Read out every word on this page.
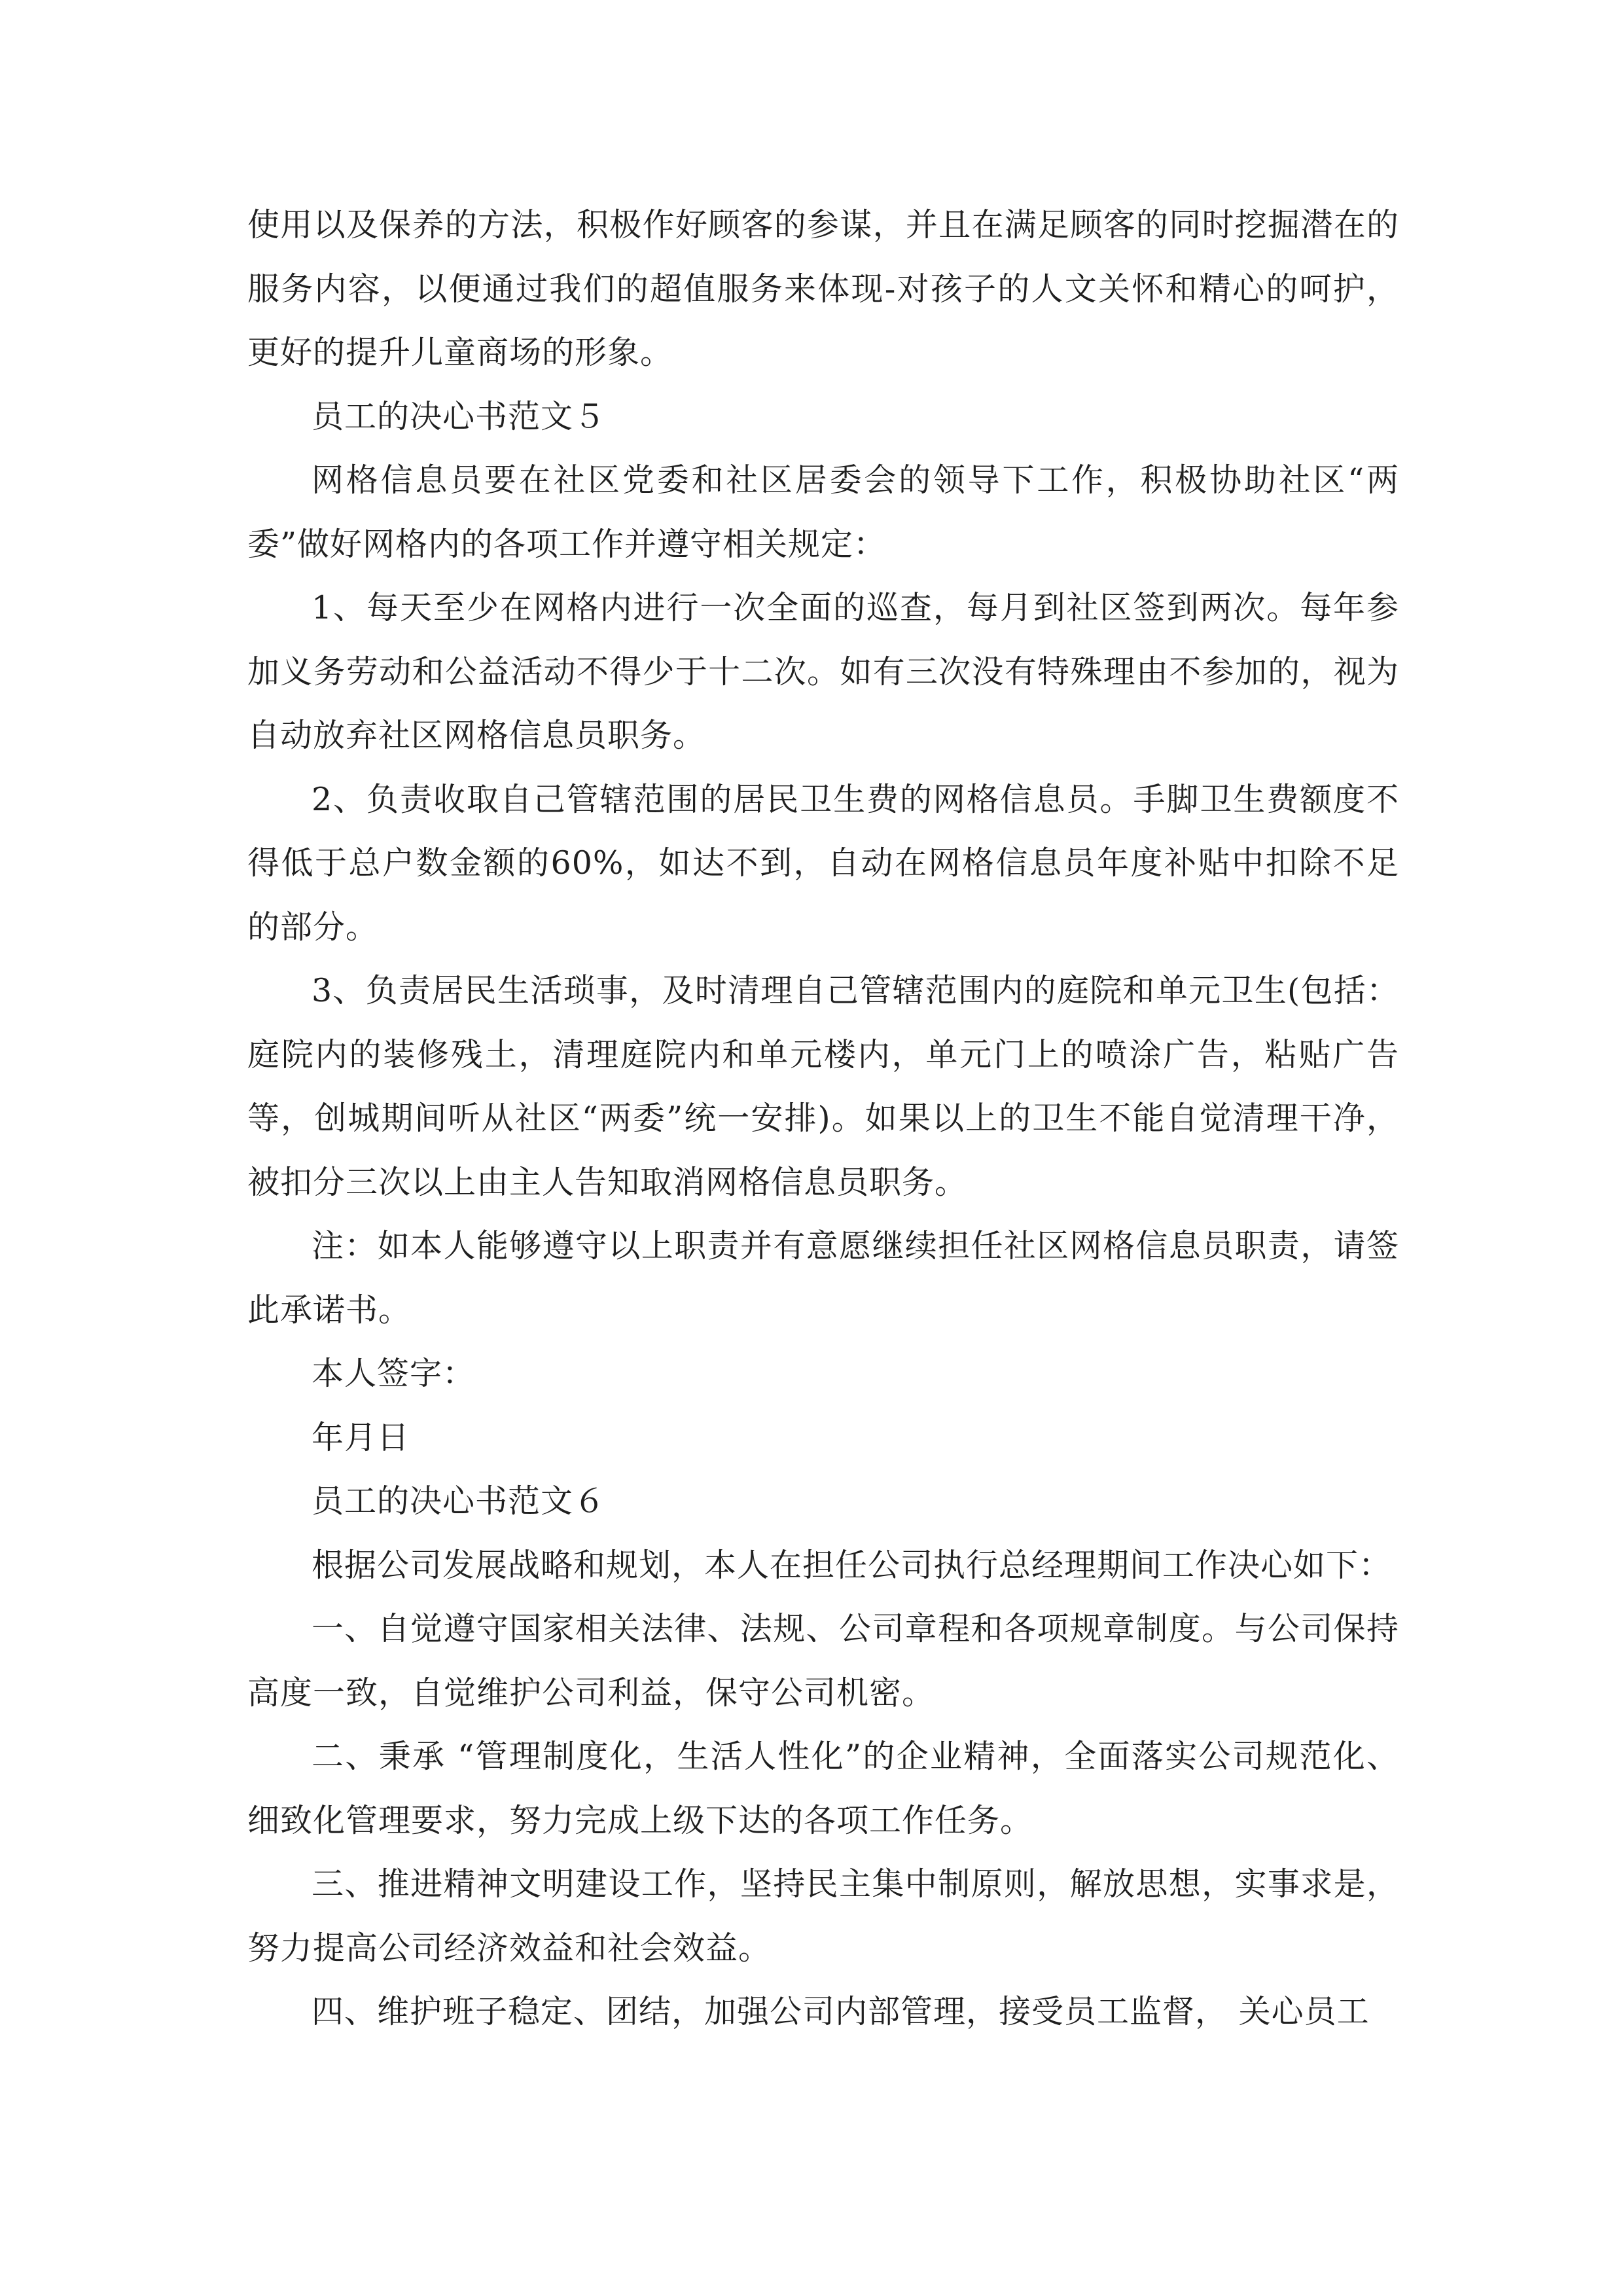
使用以及保养的方法，积极作好顾客的参谋，并且在满足顾客的同时挖掘潜在的服务内容，以便通过我们的超值服务来体现-对孩子的人文关怀和精心的呵护，更好的提升儿童商场的形象。

员工的决心书范文５

网格信息员要在社区党委和社区居委会的领导下工作，积极协助社区“两委”做好网格内的各项工作并遵守相关规定：

1、每天至少在网格内进行一次全面的巡查，每月到社区签到两次。每年参加义务劳动和公益活动不得少于十二次。如有三次没有特殊理由不参加的，视为自动放弃社区网格信息员职务。

2、负责收取自己管辖范围的居民卫生费的网格信息员。手脚卫生费额度不得低于总户数金额的60%，如达不到，自动在网格信息员年度补贴中扣除不足的部分。

3、负责居民生活琐事，及时清理自己管辖范围内的庭院和单元卫生(包括：庭院内的装修残土，清理庭院内和单元楼内，单元门上的喷涂广告，粘贴广告等，创城期间听从社区“两委”统一安排)。如果以上的卫生不能自觉清理干净，被扣分三次以上由主人告知取消网格信息员职务。

注：如本人能够遵守以上职责并有意愿继续担任社区网格信息员职责，请签此承诺书。

本人签字：

年月日

员工的决心书范文６

根据公司发展战略和规划，本人在担任公司执行总经理期间工作决心如下：

一、自觉遵守国家相关法律、法规、公司章程和各项规章制度。与公司保持高度一致，自觉维护公司利益，保守公司机密。

二、秉承 “管理制度化，生活人性化”的企业精神，全面落实公司规范化、细致化管理要求，努力完成上级下达的各项工作任务。

三、推进精神文明建设工作，坚持民主集中制原则，解放思想，实事求是，努力提高公司经济效益和社会效益。

四、维护班子稳定、团结，加强公司内部管理，接受员工监督， 关心员工
